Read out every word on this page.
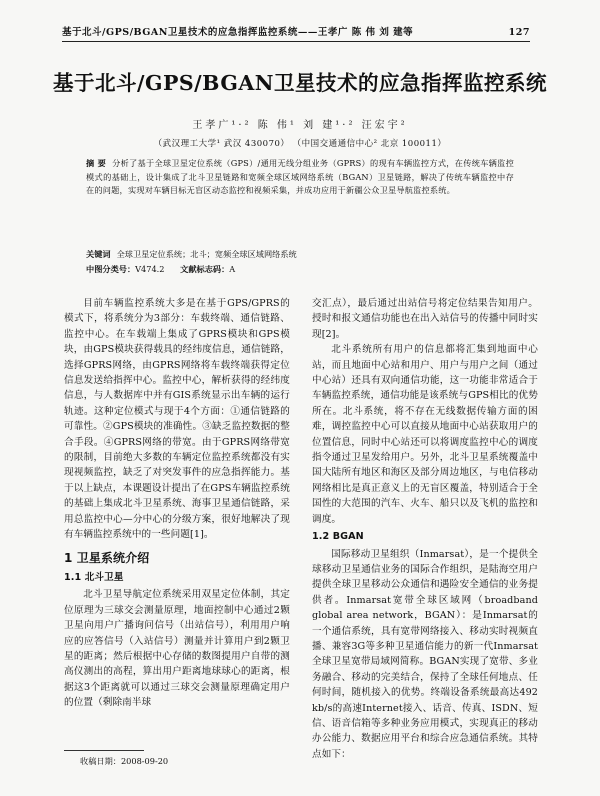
基于北斗/GPS/BGAN卫星技术的应急指挥监控系统——王孝广 陈 伟 刘 建等	127
基于北斗/GPS/BGAN卫星技术的应急指挥监控系统
王孝广¹·² 陈 伟¹ 刘 建¹·² 汪宏宇²
（武汉理工大学¹ 武汉 430070） （中国交通通信中心² 北京 100011）
摘 要 分析了基于全球卫星定位系统（GPS）/通用无线分组业务（GPRS）的现有车辆监控方式，在传统车辆监控模式的基础上，设计集成了北斗卫星链路和宽频全球区域网络系统（BGAN）卫星链路，解决了传统车辆监控中存在的问题，实现对车辆目标无盲区动态监控和视频采集，并成功应用于新疆公众卫星导航监控系统。
关键词 全球卫星定位系统；北斗；宽频全球区域网络系统
中图分类号：V474.2 文献标志码：A

目前车辆监控系统大多是在基于GPS/GPRS的模式下，将系统分为3部分：车载终端、通信链路、监控中心。在车载端上集成了GPRS模块和GPS模块，由GPS模块获得载具的经纬度信息，通信链路，选择GPRS网络，由GPRS网络将车载终端获得定位信息发送给指挥中心。监控中心，解析获得的经纬度信息，与人数据库中并有GIS系统显示出车辆的运行轨迹。这种定位模式与现于4个方面：①通信链路的可靠性。②GPS模块的准确性。③缺乏监控数据的整合手段。④GPRS网络的带宽。由于GPRS网络带宽的限制，目前绝大多数的车辆定位监控系统都没有实现视频监控，缺乏了对突发事件的应急指挥能力。基于以上缺点，本课题设计提出了在GPS车辆监控系统的基础上集成北斗卫星系统、海事卫星通信链路，采用总监控中心—分中心的分级方案，很好地解决了现有车辆监控系统中的一些问题[1]。

1 卫星系统介绍
1.1 北斗卫星

北斗卫星导航定位系统采用双星定位体制，其定位原理为三球交会测量原理，地面控制中心通过2颗卫星向用户广播询问信号（出站信号），利用用户响应的应答信号（入站信号）测量并计算用户到2颗卫星的距离；然后根据中心存储的数图提用户自带的测高仪测出的高程，算出用户距离地球球心的距离，根据这3个距离就可以通过三球交会测量原理确定用户的位置（剩除南半球

交汇点），最后通过出站信号将定位结果告知用户。授时和报文通信功能也在出入站信号的传播中同时实现[2]。

北斗系统所有用户的信息都将汇集到地面中心站，而且地面中心站和用户、用户与用户之间（通过中心站）还具有双向通信功能，这一功能非常适合于车辆监控系统，通信功能是该系统与GPS相比的优势所在。北斗系统，将不存在无线数据传输方面的困难，调控监控中心可以直接从地面中心站获取用户的位置信息，同时中心站还可以将调度监控中心的调度指令通过卫星发给用户。另外，北斗卫星系统覆盖中国大陆所有地区和海区及部分周边地区，与电信移动网络相比是真正意义上的无盲区覆盖，特别适合于全国性的大范围的汽车、火车、船只以及飞机的监控和调度。

1.2 BGAN

国际移动卫星组织（Inmarsat），是一个提供全球移动卫星通信业务的国际合作组织，是陆海空用户提供全球卫星移动公众通信和遇险安全通信的业务提供者。Inmarsat宽带全球区域网（broadband global area network，BGAN）：是Inmarsat的一个通信系统，具有宽带网络接入、移动实时视频直播、兼容3G等多种卫星通信能力的新一代Inmarsat全球卫星宽带局域网简称。BGAN实现了宽带、多业务融合、移动的完美结合，保持了全球任何地点、任何时间，随机接入的优势。终端设备系统最高达492 kb/s的高速Internet接入、话音、传真、ISDN、短信、语音信箱等多种业务应用模式，实现真正的移动办公能力、数据应用平台和综合应急通信系统。其特点如下：

收稿日期：2008-09-20
